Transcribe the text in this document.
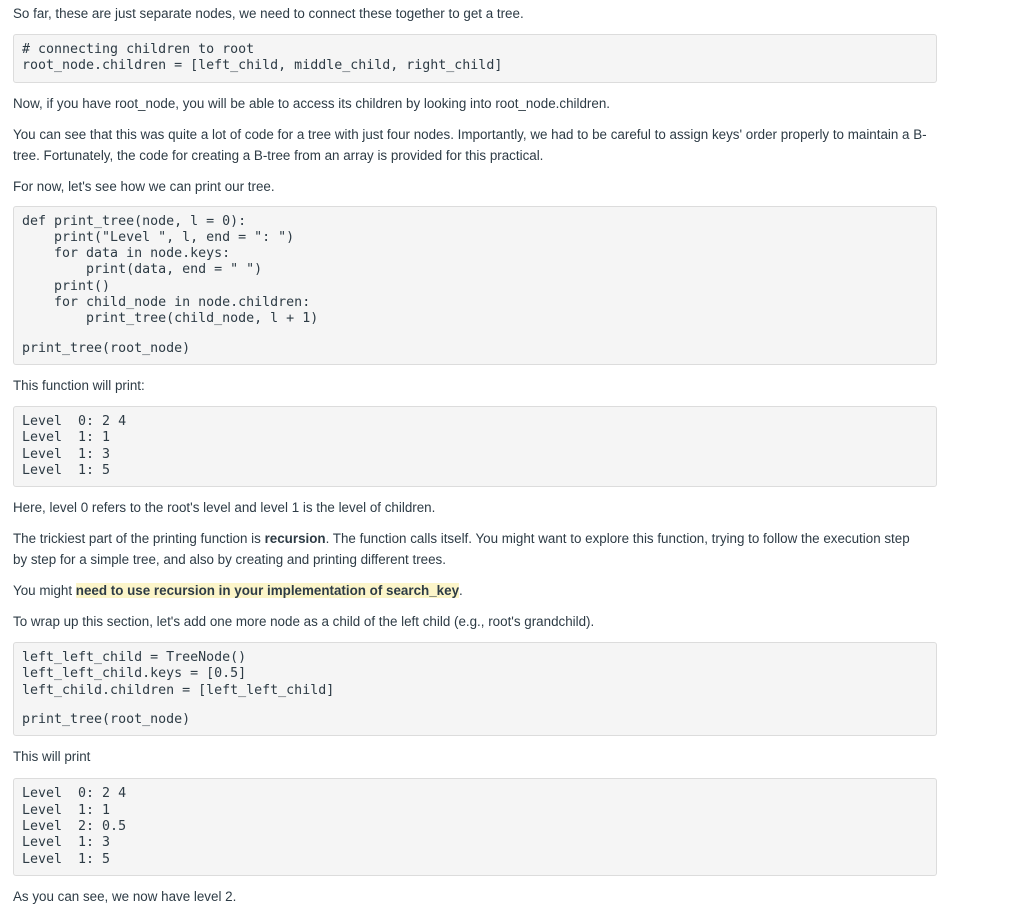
So far, these are just separate nodes, we need to connect these together to get a tree.

# connecting children to root
root_node.children = [left_child, middle_child, right_child]

Now, if you have root_node, you will be able to access its children by looking into root_node.children.

You can see that this was quite a lot of code for a tree with just four nodes. Importantly, we had to be careful to assign keys' order properly to maintain a B-
tree. Fortunately, the code for creating a B-tree from an array is provided for this practical.

For now, let's see how we can print our tree.

def print_tree(node, l = 0):
print("Level ", l, end = ": ")
for data in node.keys:
print(data, end = " ")
print()
for child_node in node.children:
print_tree(child_node, l + 1)
print_tree(root_node)

This function will print:

Level  0: 2 4
Level  1: 1
Level  1: 3
Level  1: 5

Here, level 0 refers to the root's level and level 1 is the level of children.

The trickiest part of the printing function is recursion. The function calls itself. You might want to explore this function, trying to follow the execution step
by step for a simple tree, and also by creating and printing different trees.

You might need to use recursion in your implementation of search_key.

To wrap up this section, let's add one more node as a child of the left child (e.g., root's grandchild).

left_left_child = TreeNode()
left_left_child.keys = [0.5]
left_child.children = [left_left_child]
print_tree(root_node)

This will print

Level  0: 2 4
Level  1: 1
Level  2: 0.5
Level  1: 3
Level  1: 5

As you can see, we now have level 2.
